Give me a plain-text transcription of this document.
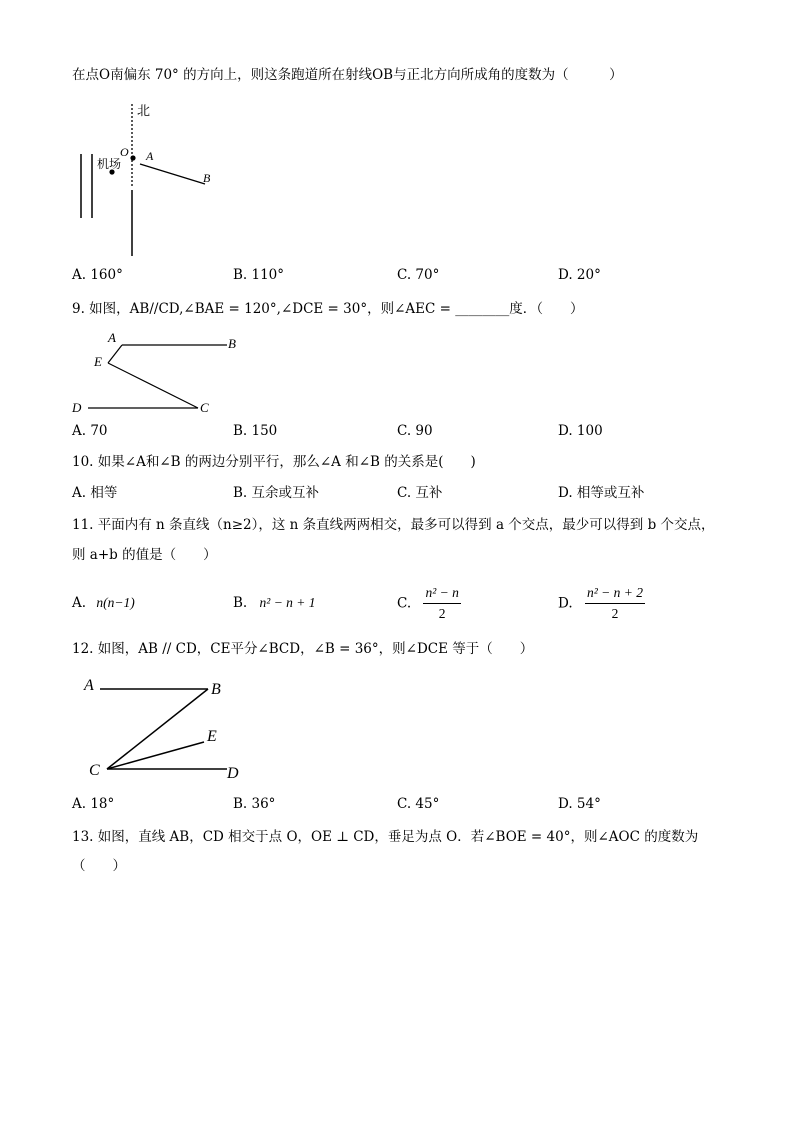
在点O南偏东 70° 的方向上，则这条跑道所在射线OB与正北方向所成角的度数为（　　　）
北
机场
O A
B
A. 160°	B. 110°	C. 70°	D. 20°
9. 如图，AB//CD,∠BAE = 120°,∠DCE = 30°，则∠AEC = ________度．（　　）
A	B
E
D	C
A. 70	B. 150	C. 90	D. 100
10. 如果∠A和∠B 的两边分别平行，那么∠A 和∠B 的关系是(　　)
A. 相等	B. 互余或互补	C. 互补	D. 相等或互补
11. 平面内有 n 条直线（n≥2），这 n 条直线两两相交，最多可以得到 a 个交点，最少可以得到 b 个交点，
则 a+b 的值是（　　）
A. n(n−1)	B. n² − n + 1	C. $\frac{\text{n² − n}}{2}$	D. $\frac{\text{n² − n + 2}}{2}$
12. 如图，AB // CD，CE平分∠BCD，∠B = 36°，则∠DCE 等于（　　）
A	B
E
C	D
A. 18°	B. 36°	C. 45°	D. 54°
13. 如图，直线 AB，CD 相交于点 O，OE ⊥ CD，垂足为点 O．若∠BOE = 40°，则∠AOC 的度数为
（　　）
